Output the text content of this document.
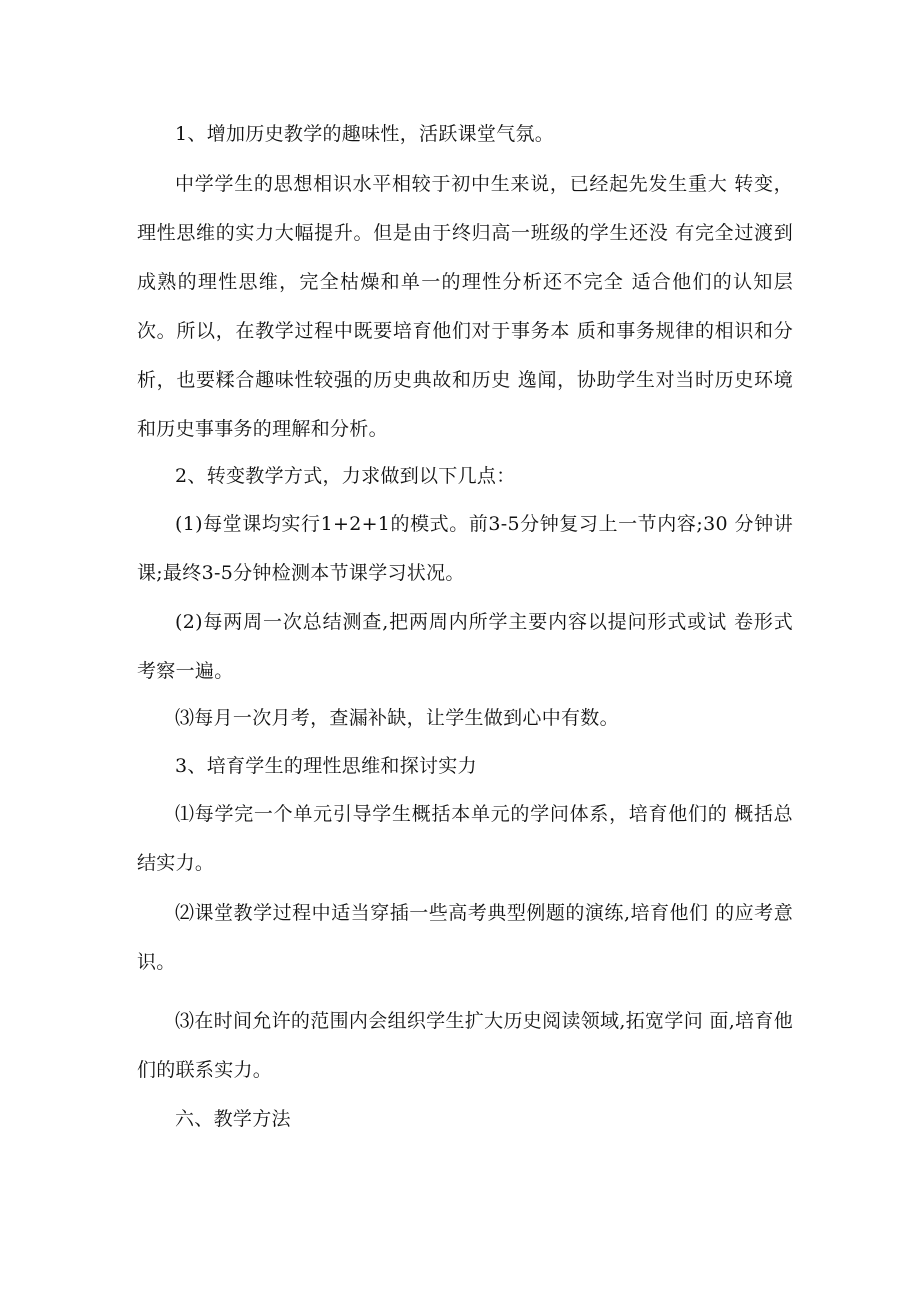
1、增加历史教学的趣味性，活跃课堂气氛。

中学学生的思想相识水平相较于初中生来说，已经起先发生重大 转变，理性思维的实力大幅提升。但是由于终归高一班级的学生还没 有完全过渡到成熟的理性思维，完全枯燥和单一的理性分析还不完全 适合他们的认知层次。所以，在教学过程中既要培育他们对于事务本 质和事务规律的相识和分析，也要糅合趣味性较强的历史典故和历史 逸闻，协助学生对当时历史环境和历史事事务的理解和分析。

2、转变教学方式，力求做到以下几点：

(1)每堂课均实行1+2+1的模式。前3-5分钟复习上一节内容;30 分钟讲课;最终3-5分钟检测本节课学习状况。

(2)每两周一次总结测查,把两周内所学主要内容以提问形式或试 卷形式考察一遍。

⑶每月一次月考，查漏补缺，让学生做到心中有数。

3、培育学生的理性思维和探讨实力

⑴每学完一个单元引导学生概括本单元的学问体系，培育他们的 概括总结实力。

⑵课堂教学过程中适当穿插一些高考典型例题的演练,培育他们 的应考意识。

⑶在时间允许的范围内会组织学生扩大历史阅读领域,拓宽学问 面,培育他们的联系实力。

六、教学方法
